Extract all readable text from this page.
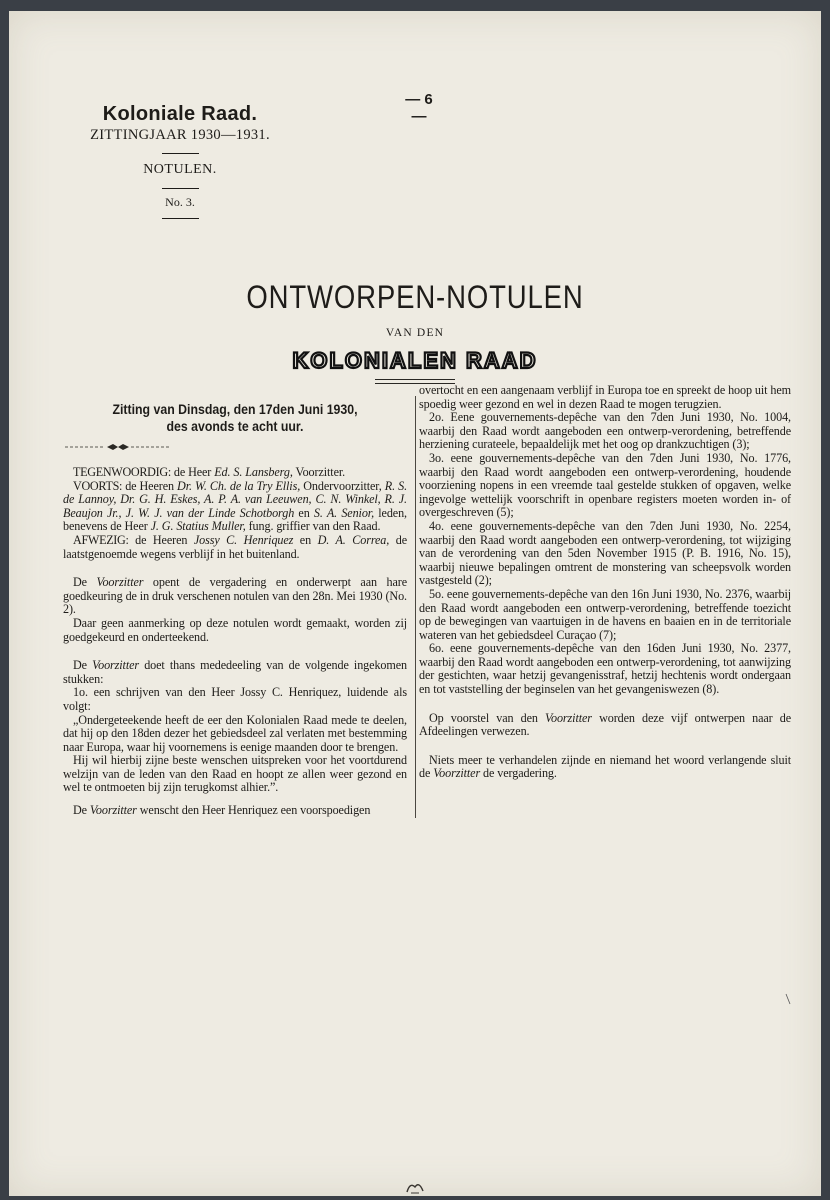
Koloniale Raad.
ZITTINGJAAR 1930—1931.
NOTULEN.
No. 3.
— 6 —
ONTWORPEN-NOTULEN
VAN DEN
KOLONIALEN RAAD
Zitting van Dinsdag, den 17den Juni 1930,
des avonds te acht uur.

TEGENWOORDIG: de Heer Ed. S. Lansberg, Voorzitter.

VOORTS: de Heeren Dr. W. Ch. de la Try Ellis, Ondervoorzitter, R. S. de Lannoy, Dr. G. H. Eskes, A. P. A. van Leeuwen, C. N. Winkel, R. J. Beaujon Jr., J. W. J. van der Linde Schotborgh en S. A. Senior, leden, benevens de Heer J. G. Statius Muller, fung. griffier van den Raad.

AFWEZIG: de Heeren Jossy C. Henriquez en D. A. Correa, de laatstgenoemde wegens verblijf in het buitenland.

De Voorzitter opent de vergadering en onderwerpt aan hare goedkeuring de in druk verschenen notulen van den 28n. Mei 1930 (No. 2).

Daar geen aanmerking op deze notulen wordt gemaakt, worden zij goedgekeurd en onderteekend.

De Voorzitter doet thans mededeeling van de volgende ingekomen stukken:

1o. een schrijven van den Heer Jossy C. Henriquez, luidende als volgt:

„Ondergeteekende heeft de eer den Kolonialen Raad mede te deelen, dat hij op den 18den dezer het gebiedsdeel zal verlaten met bestemming naar Europa, waar hij voornemens is eenige maanden door te brengen.

Hij wil hierbij zijne beste wenschen uitspreken voor het voortdurend welzijn van de leden van den Raad en hoopt ze allen weer gezond en wel te ontmoeten bij zijn terugkomst alhier.”.

De Voorzitter wenscht den Heer Henriquez een voorspoedigen

overtocht en een aangenaam verblijf in Europa toe en spreekt de hoop uit hem spoedig weer gezond en wel in dezen Raad te mogen terugzien.

2o. Eene gouvernements-depêche van den 7den Juni 1930, No. 1004, waarbij den Raad wordt aangeboden een ontwerp-verordening, betreffende herziening curateele, bepaaldelijk met het oog op drankzuchtigen (3);

3o. eene gouvernements-depêche van den 7den Juni 1930, No. 1776, waarbij den Raad wordt aangeboden een ontwerp-verordening, houdende voorziening nopens in een vreemde taal gestelde stukken of opgaven, welke ingevolge wettelijk voorschrift in openbare registers moeten worden in- of overgeschreven (5);

4o. eene gouvernements-depêche van den 7den Juni 1930, No. 2254, waarbij den Raad wordt aangeboden een ontwerp-verordening, tot wijziging van de verordening van den 5den November 1915 (P. B. 1916, No. 15), waarbij nieuwe bepalingen omtrent de monstering van scheepsvolk worden vastgesteld (2);

5o. eene gouvernements-depêche van den 16n Juni 1930, No. 2376, waarbij den Raad wordt aangeboden een ontwerp-verordening, betreffende toezicht op de bewegingen van vaartuigen in de havens en baaien en in de territoriale wateren van het gebiedsdeel Curaçao (7);

6o. eene gouvernements-depêche van den 16den Juni 1930, No. 2377, waarbij den Raad wordt aangeboden een ontwerp-verordening, tot aanwijzing der gestichten, waar hetzij gevangenisstraf, hetzij hechtenis wordt ondergaan en tot vaststelling der beginselen van het gevangeniswezen (8).

Op voorstel van den Voorzitter worden deze vijf ontwerpen naar de Afdeelingen verwezen.

Niets meer te verhandelen zijnde en niemand het woord verlangende sluit de Voorzitter de vergadering.
